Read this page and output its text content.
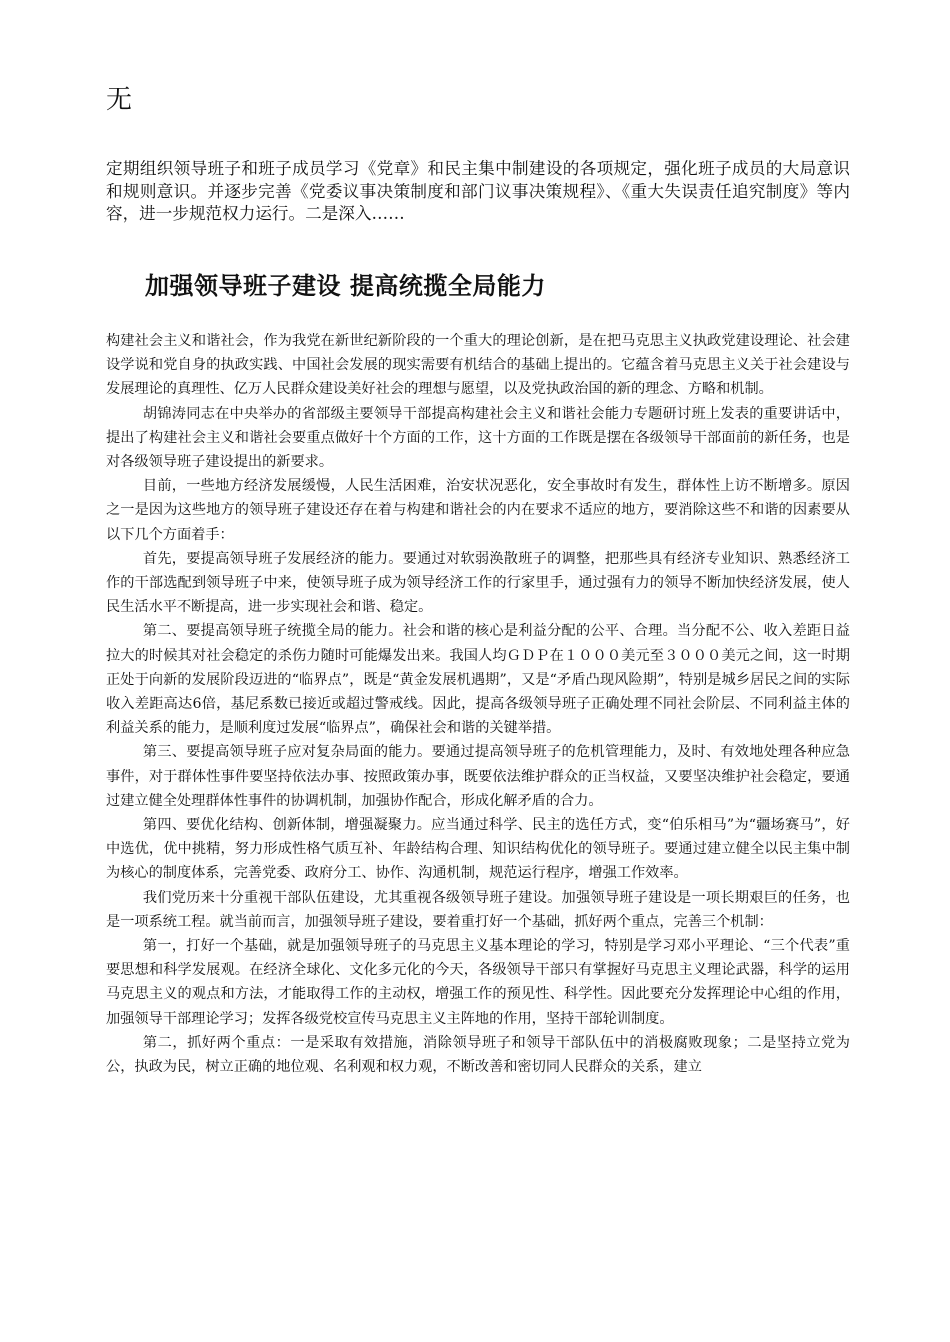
无
定期组织领导班子和班子成员学习《党章》和民主集中制建设的各项规定，强化班子成员的大局意识和规则意识。并逐步完善《党委议事决策制度和部门议事决策规程》、《重大失误责任追究制度》等内容，进一步规范权力运行。二是深入……
加强领导班子建设 提高统揽全局能力

构建社会主义和谐社会，作为我党在新世纪新阶段的一个重大的理论创新，是在把马克思主义执政党建设理论、社会建设学说和党自身的执政实践、中国社会发展的现实需要有机结合的基础上提出的。它蕴含着马克思主义关于社会建设与发展理论的真理性、亿万人民群众建设美好社会的理想与愿望，以及党执政治国的新的理念、方略和机制。

胡锦涛同志在中央举办的省部级主要领导干部提高构建社会主义和谐社会能力专题研讨班上发表的重要讲话中，提出了构建社会主义和谐社会要重点做好十个方面的工作，这十方面的工作既是摆在各级领导干部面前的新任务，也是对各级领导班子建设提出的新要求。

目前，一些地方经济发展缓慢，人民生活困难，治安状况恶化，安全事故时有发生，群体性上访不断增多。原因之一是因为这些地方的领导班子建设还存在着与构建和谐社会的内在要求不适应的地方，要消除这些不和谐的因素要从以下几个方面着手：

首先，要提高领导班子发展经济的能力。要通过对软弱涣散班子的调整，把那些具有经济专业知识、熟悉经济工作的干部选配到领导班子中来，使领导班子成为领导经济工作的行家里手，通过强有力的领导不断加快经济发展，使人民生活水平不断提高，进一步实现社会和谐、稳定。

第二、要提高领导班子统揽全局的能力。社会和谐的核心是利益分配的公平、合理。当分配不公、收入差距日益拉大的时候其对社会稳定的杀伤力随时可能爆发出来。我国人均ＧＤＰ在１０００美元至３０００美元之间，这一时期正处于向新的发展阶段迈进的“临界点”，既是“黄金发展机遇期”，又是“矛盾凸现风险期”，特别是城乡居民之间的实际收入差距高达6倍，基尼系数已接近或超过警戒线。因此，提高各级领导班子正确处理不同社会阶层、不同利益主体的利益关系的能力，是顺利度过发展“临界点”，确保社会和谐的关键举措。

第三、要提高领导班子应对复杂局面的能力。要通过提高领导班子的危机管理能力，及时、有效地处理各种应急事件，对于群体性事件要坚持依法办事、按照政策办事，既要依法维护群众的正当权益，又要坚决维护社会稳定，要通过建立健全处理群体性事件的协调机制，加强协作配合，形成化解矛盾的合力。

第四、要优化结构、创新体制，增强凝聚力。应当通过科学、民主的选任方式，变“伯乐相马”为“疆场赛马”，好中选优，优中挑精，努力形成性格气质互补、年龄结构合理、知识结构优化的领导班子。要通过建立健全以民主集中制为核心的制度体系，完善党委、政府分工、协作、沟通机制，规范运行程序，增强工作效率。

我们党历来十分重视干部队伍建设，尤其重视各级领导班子建设。加强领导班子建设是一项长期艰巨的任务，也是一项系统工程。就当前而言，加强领导班子建设，要着重打好一个基础，抓好两个重点，完善三个机制：

第一，打好一个基础，就是加强领导班子的马克思主义基本理论的学习，特别是学习邓小平理论、“三个代表”重要思想和科学发展观。在经济全球化、文化多元化的今天，各级领导干部只有掌握好马克思主义理论武器，科学的运用马克思主义的观点和方法，才能取得工作的主动权，增强工作的预见性、科学性。因此要充分发挥理论中心组的作用，加强领导干部理论学习；发挥各级党校宣传马克思主义主阵地的作用，坚持干部轮训制度。

第二，抓好两个重点：一是采取有效措施，消除领导班子和领导干部队伍中的消极腐败现象；二是坚持立党为公，执政为民，树立正确的地位观、名利观和权力观，不断改善和密切同人民群众的关系，建立
